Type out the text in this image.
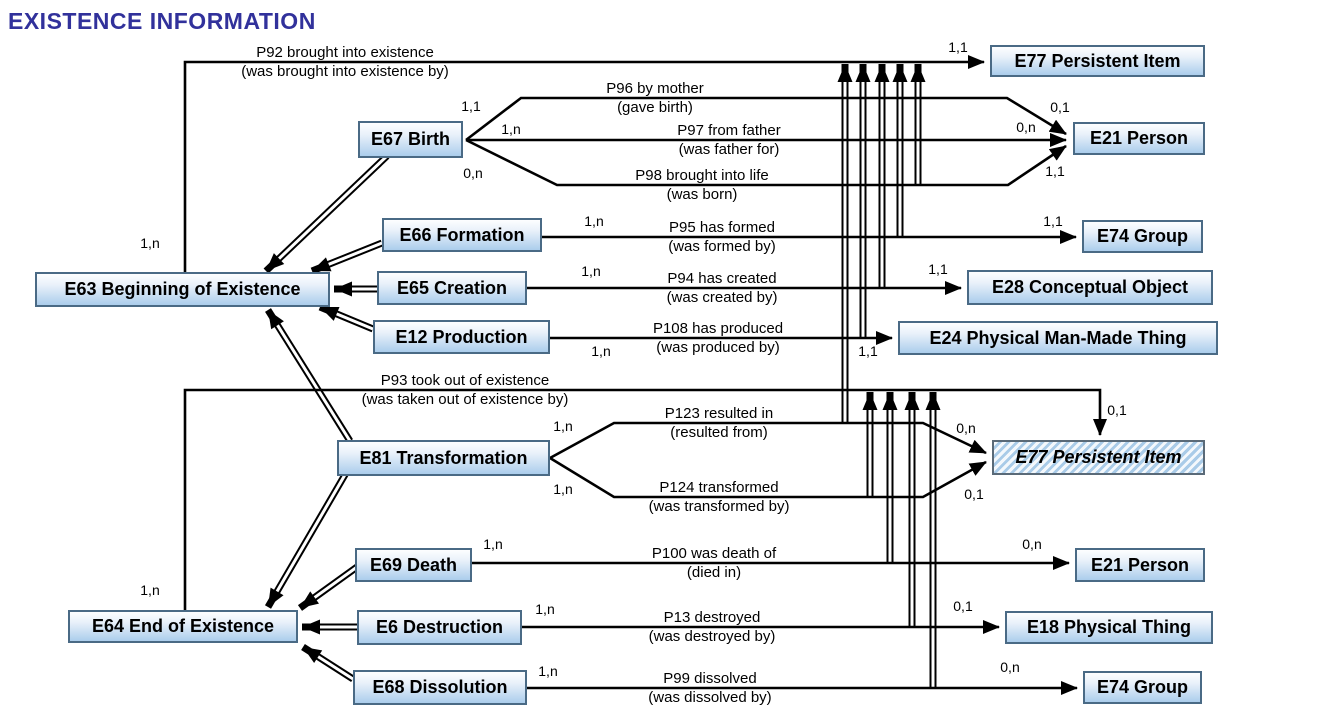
EXISTENCE INFORMATION
E77 Persistent Item
E21 Person
E67 Birth
E66 Formation
E65 Creation
E12 Production
E63 Beginning of Existence
E74 Group
E28 Conceptual Object
E24 Physical Man-Made Thing
E81 Transformation	E77 Persistent Item
E69 Death
E6 Destruction
E68 Dissolution
E64 End of Existence
E21 Person
E18 Physical Thing
E74 Group
P92 brought into existence
(was brought into existence by)
P96 by mother
(gave birth)
P97 from father
(was father for)
P98 brought into life
(was born)
P95 has formed
(was formed by)
P94 has created
(was created by)
P108 has produced
(was produced by)
P93 took out of existence
(was taken out of existence by)
P123 resulted in
(resulted from)
P124 transformed
(was transformed by)
P100 was death of
(died in)
P13 destroyed
(was destroyed by)
P99 dissolved
(was dissolved by)
1,n
1,1
1,1	0,1
1,n	0,n
0,n	1,1
1,n	1,1
1,n	1,1
1,n	1,1
1,n
0,1
1,n	0,n
1,n	0,1
1,n	0,n
1,n	0,1
1,n	0,n
